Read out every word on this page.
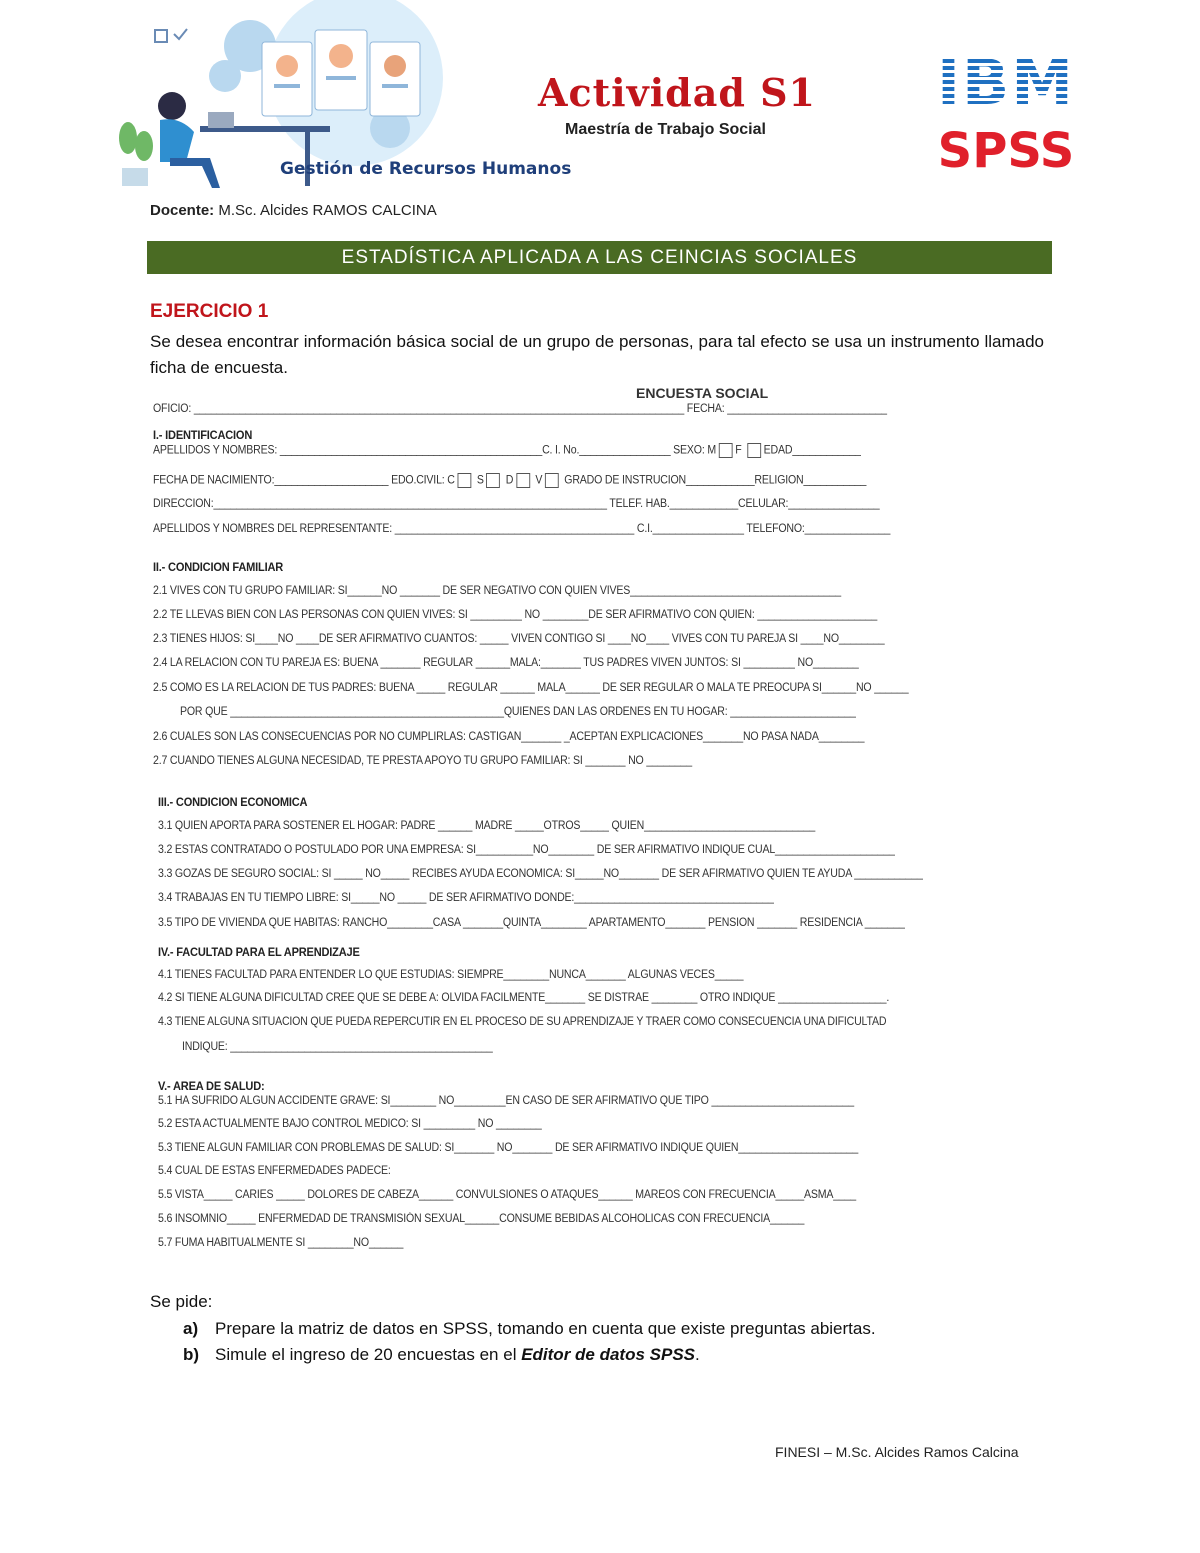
Gestión de Recursos Humanos
Actividad S1
Maestría de Trabajo Social
IBM
SPSS
Docente: M.Sc. Alcides RAMOS CALCINA
ESTADÍSTICA APLICADA A LAS CEINCIAS SOCIALES
EJERCICIO 1
Se desea encontrar información básica social de un grupo de personas, para tal efecto se usa un instrumento llamado ficha de encuesta.
ENCUESTA SOCIAL
OFICIO: ______________________________________________________________________________________ FECHA: ____________________________
I.- IDENTIFICACION
APELLIDOS Y NOMBRES: ______________________________________________C. I. No.________________ SEXO: M F EDAD____________
FECHA DE NACIMIENTO:____________________ EDO.CIVIL: C S D V GRADO DE INSTRUCION____________RELIGION___________
DIRECCION:_____________________________________________________________________ TELEF. HAB.____________CELULAR:________________
APELLIDOS Y NOMBRES DEL REPRESENTANTE: __________________________________________ C.I.________________ TELEFONO:_______________
II.- CONDICION FAMILIAR
2.1 VIVES CON TU GRUPO FAMILIAR: SI______NO _______ DE SER NEGATIVO CON QUIEN VIVES_____________________________________
2.2 TE LLEVAS BIEN CON LAS PERSONAS CON QUIEN VIVES: SI _________ NO ________DE SER AFIRMATIVO CON QUIEN: _____________________
2.3 TIENES HIJOS: SI____NO ____DE SER AFIRMATIVO CUANTOS: _____ VIVEN CONTIGO SI ____NO____ VIVES CON TU PAREJA SI ____NO________
2.4 LA RELACION CON TU PAREJA ES: BUENA _______ REGULAR ______MALA:_______ TUS PADRES VIVEN JUNTOS: SI _________ NO________
2.5 COMO ES LA RELACION DE TUS PADRES: BUENA _____ REGULAR ______ MALA______ DE SER REGULAR O MALA TE PREOCUPA SI______NO ______
POR QUE ________________________________________________QUIENES DAN LAS ORDENES EN TU HOGAR: ______________________
2.6 CUALES SON LAS CONSECUENCIAS POR NO CUMPLIRLAS: CASTIGAN_______ _ACEPTAN EXPLICACIONES_______NO PASA NADA________
2.7 CUANDO TIENES ALGUNA NECESIDAD, TE PRESTA APOYO TU GRUPO FAMILIAR: SI _______ NO ________
III.- CONDICION ECONOMICA
3.1 QUIEN APORTA PARA SOSTENER EL HOGAR: PADRE ______ MADRE _____OTROS_____ QUIEN______________________________
3.2 ESTAS CONTRATADO O POSTULADO POR UNA EMPRESA: SI__________NO________ DE SER AFIRMATIVO INDIQUE CUAL_____________________
3.3 GOZAS DE SEGURO SOCIAL: SI _____ NO_____ RECIBES AYUDA ECONOMICA: SI_____NO_______ DE SER AFIRMATIVO QUIEN TE AYUDA ____________
3.4 TRABAJAS EN TU TIEMPO LIBRE: SI_____NO _____ DE SER AFIRMATIVO DONDE:___________________________________
3.5 TIPO DE VIVIENDA QUE HABITAS: RANCHO________CASA _______QUINTA________ APARTAMENTO_______ PENSION _______ RESIDENCIA _______
IV.- FACULTAD PARA EL APRENDIZAJE
4.1 TIENES FACULTAD PARA ENTENDER LO QUE ESTUDIAS: SIEMPRE________NUNCA_______ ALGUNAS VECES_____
4.2 SI TIENE ALGUNA DIFICULTAD CREE QUE SE DEBE A: OLVIDA FACILMENTE_______ SE DISTRAE ________ OTRO INDIQUE ___________________.
4.3 TIENE ALGUNA SITUACION QUE PUEDA REPERCUTIR EN EL PROCESO DE SU APRENDIZAJE Y TRAER COMO CONSECUENCIA UNA DIFICULTAD
INDIQUE: ______________________________________________
V.- AREA DE SALUD:
5.1 HA SUFRIDO ALGUN ACCIDENTE GRAVE: SI________ NO_________EN CASO DE SER AFIRMATIVO QUE TIPO _________________________
5.2 ESTA ACTUALMENTE BAJO CONTROL MEDICO: SI _________ NO ________
5.3 TIENE ALGUN FAMILIAR CON PROBLEMAS DE SALUD: SI_______ NO_______ DE SER AFIRMATIVO INDIQUE QUIEN_____________________
5.4 CUAL DE ESTAS ENFERMEDADES PADECE:
5.5 VISTA_____ CARIES _____ DOLORES DE CABEZA______ CONVULSIONES O ATAQUES______ MAREOS CON FRECUENCIA_____ASMA____
5.6 INSOMNIO_____ ENFERMEDAD DE TRANSMISIÓN SEXUAL______CONSUME BEBIDAS ALCOHOLICAS CON FRECUENCIA______
5.7 FUMA HABITUALMENTE SI ________NO______
Se pide:
a) Prepare la matriz de datos en SPSS, tomando en cuenta que existe preguntas abiertas.
b) Simule el ingreso de 20 encuestas en el Editor de datos SPSS.
FINESI – M.Sc. Alcides Ramos Calcina
